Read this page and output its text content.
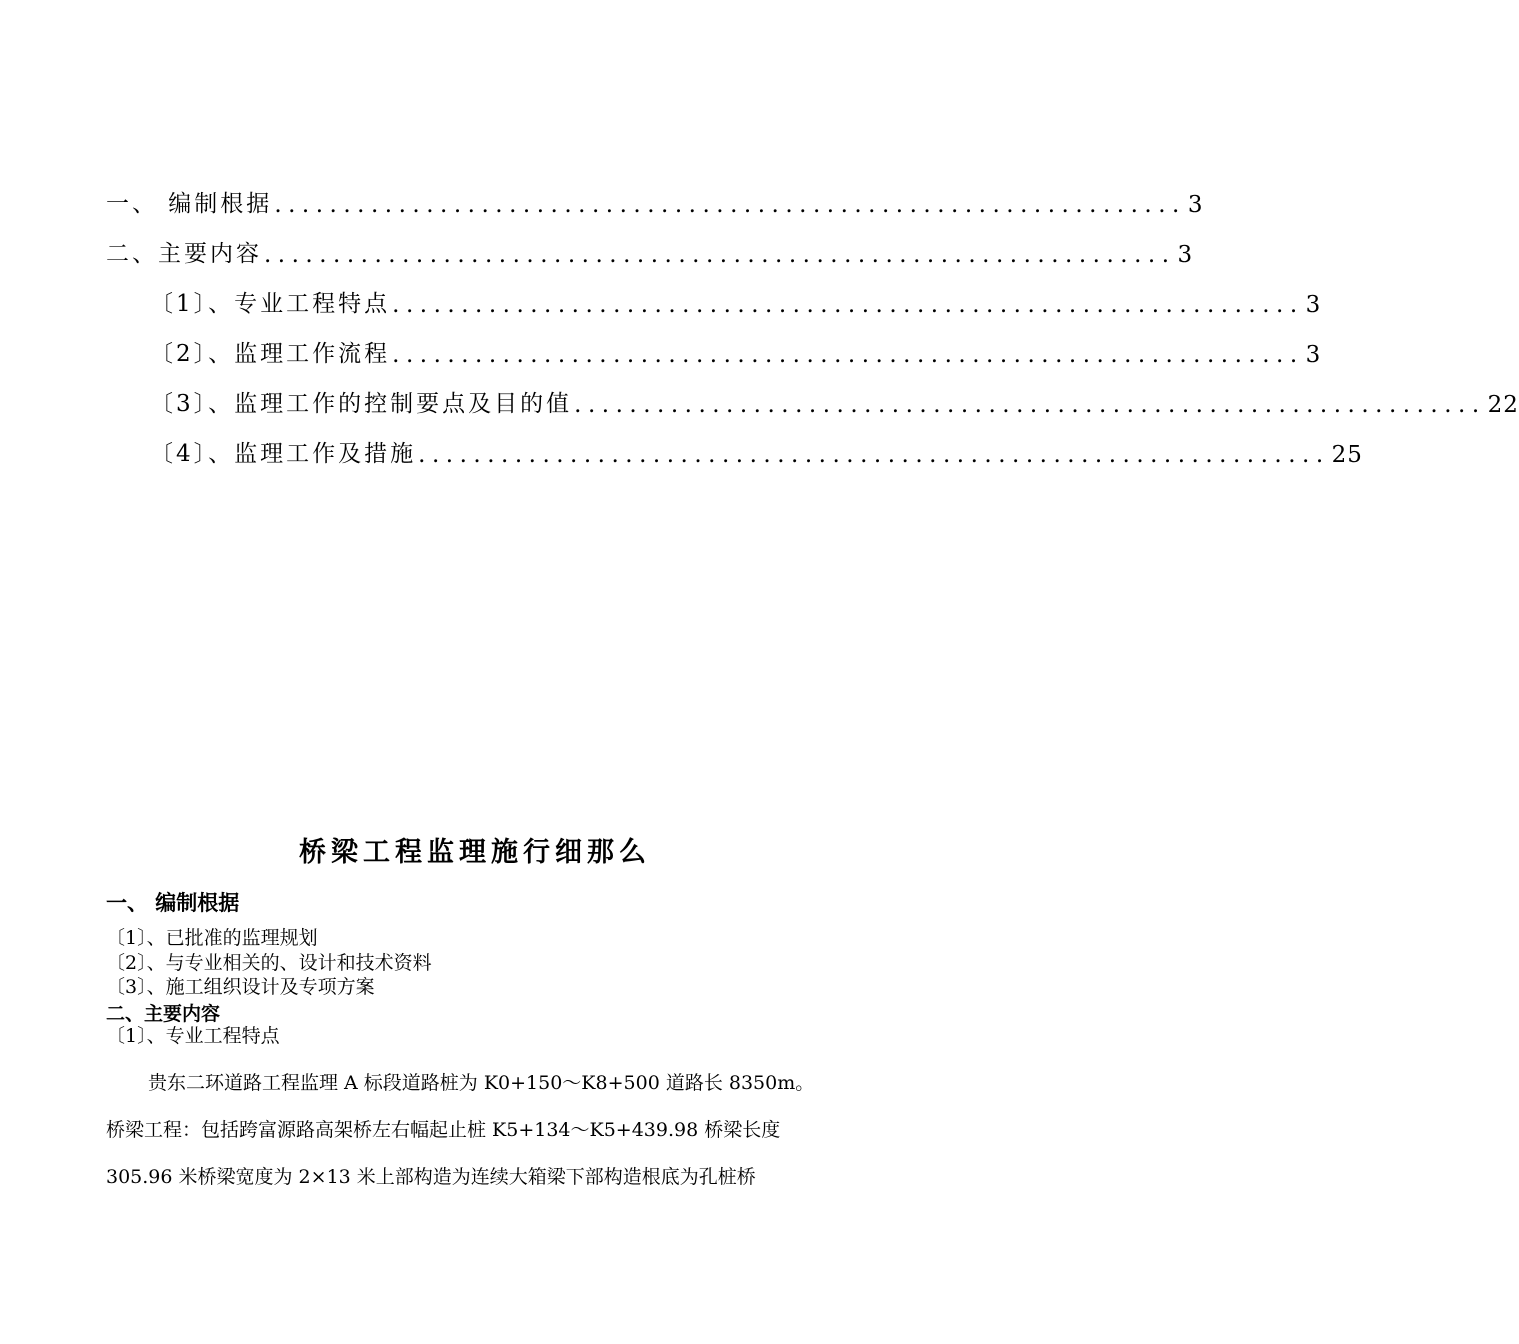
一、 编制根据 .................................................................. 3
二、主要内容 .................................................................. 3
〔1〕、专业工程特点 .................................................................. 3
〔2〕、监理工作流程 .................................................................. 3
〔3〕、监理工作的控制要点及目的值 .................................................................. 22
〔4〕、监理工作及措施 .................................................................. 25
桥梁工程监理施行细那么
一、 编制根据
〔1〕、已批准的监理规划
〔2〕、与专业相关的、设计和技术资料
〔3〕、施工组织设计及专项方案
二、主要内容
〔1〕、专业工程特点
贵东二环道路工程监理 A 标段道路桩为 K0+150～K8+500 道路长 8350m。
桥梁工程：包括跨富源路高架桥左右幅起止桩 K5+134～K5+439.98 桥梁长度
305.96 米桥梁宽度为 2×13 米上部构造为连续大箱梁下部构造根底为孔桩桥
